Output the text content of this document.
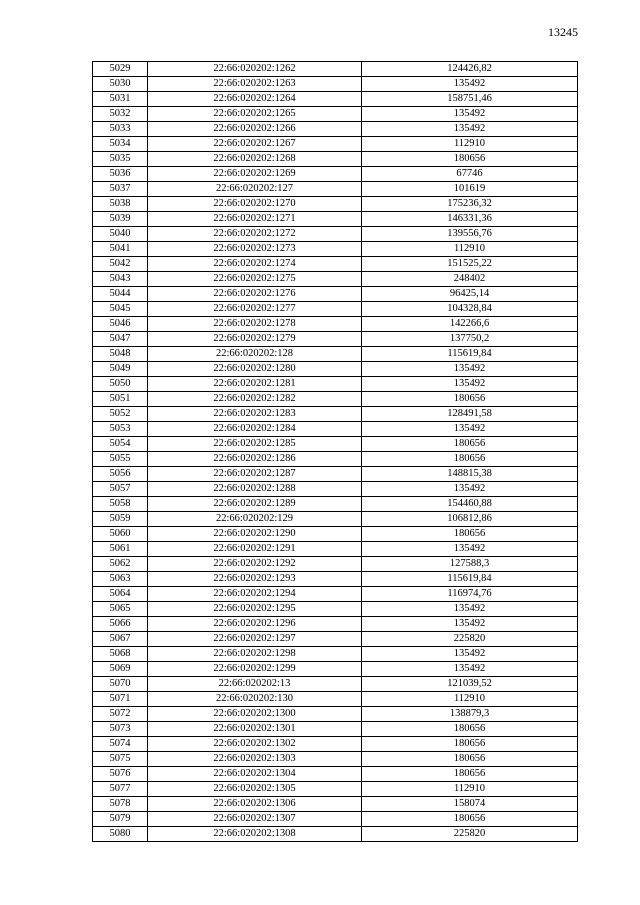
13245
5029	22:66:020202:1262	124426,82
5030	22:66:020202:1263	135492
5031	22:66:020202:1264	158751,46
5032	22:66:020202:1265	135492
5033	22:66:020202:1266	135492
5034	22:66:020202:1267	112910
5035	22:66:020202:1268	180656
5036	22:66:020202:1269	67746
5037	22:66:020202:127	101619
5038	22:66:020202:1270	175236,32
5039	22:66:020202:1271	146331,36
5040	22:66:020202:1272	139556,76
5041	22:66:020202:1273	112910
5042	22:66:020202:1274	151525,22
5043	22:66:020202:1275	248402
5044	22:66:020202:1276	96425,14
5045	22:66:020202:1277	104328,84
5046	22:66:020202:1278	142266,6
5047	22:66:020202:1279	137750,2
5048	22:66:020202:128	115619,84
5049	22:66:020202:1280	135492
5050	22:66:020202:1281	135492
5051	22:66:020202:1282	180656
5052	22:66:020202:1283	128491,58
5053	22:66:020202:1284	135492
5054	22:66:020202:1285	180656
5055	22:66:020202:1286	180656
5056	22:66:020202:1287	148815,38
5057	22:66:020202:1288	135492
5058	22:66:020202:1289	154460,88
5059	22:66:020202:129	106812,86
5060	22:66:020202:1290	180656
5061	22:66:020202:1291	135492
5062	22:66:020202:1292	127588,3
5063	22:66:020202:1293	115619,84
5064	22:66:020202:1294	116974,76
5065	22:66:020202:1295	135492
5066	22:66:020202:1296	135492
5067	22:66:020202:1297	225820
5068	22:66:020202:1298	135492
5069	22:66:020202:1299	135492
5070	22:66:020202:13	121039,52
5071	22:66:020202:130	112910
5072	22:66:020202:1300	138879,3
5073	22:66:020202:1301	180656
5074	22:66:020202:1302	180656
5075	22:66:020202:1303	180656
5076	22:66:020202:1304	180656
5077	22:66:020202:1305	112910
5078	22:66:020202:1306	158074
5079	22:66:020202:1307	180656
5080	22:66:020202:1308	225820
